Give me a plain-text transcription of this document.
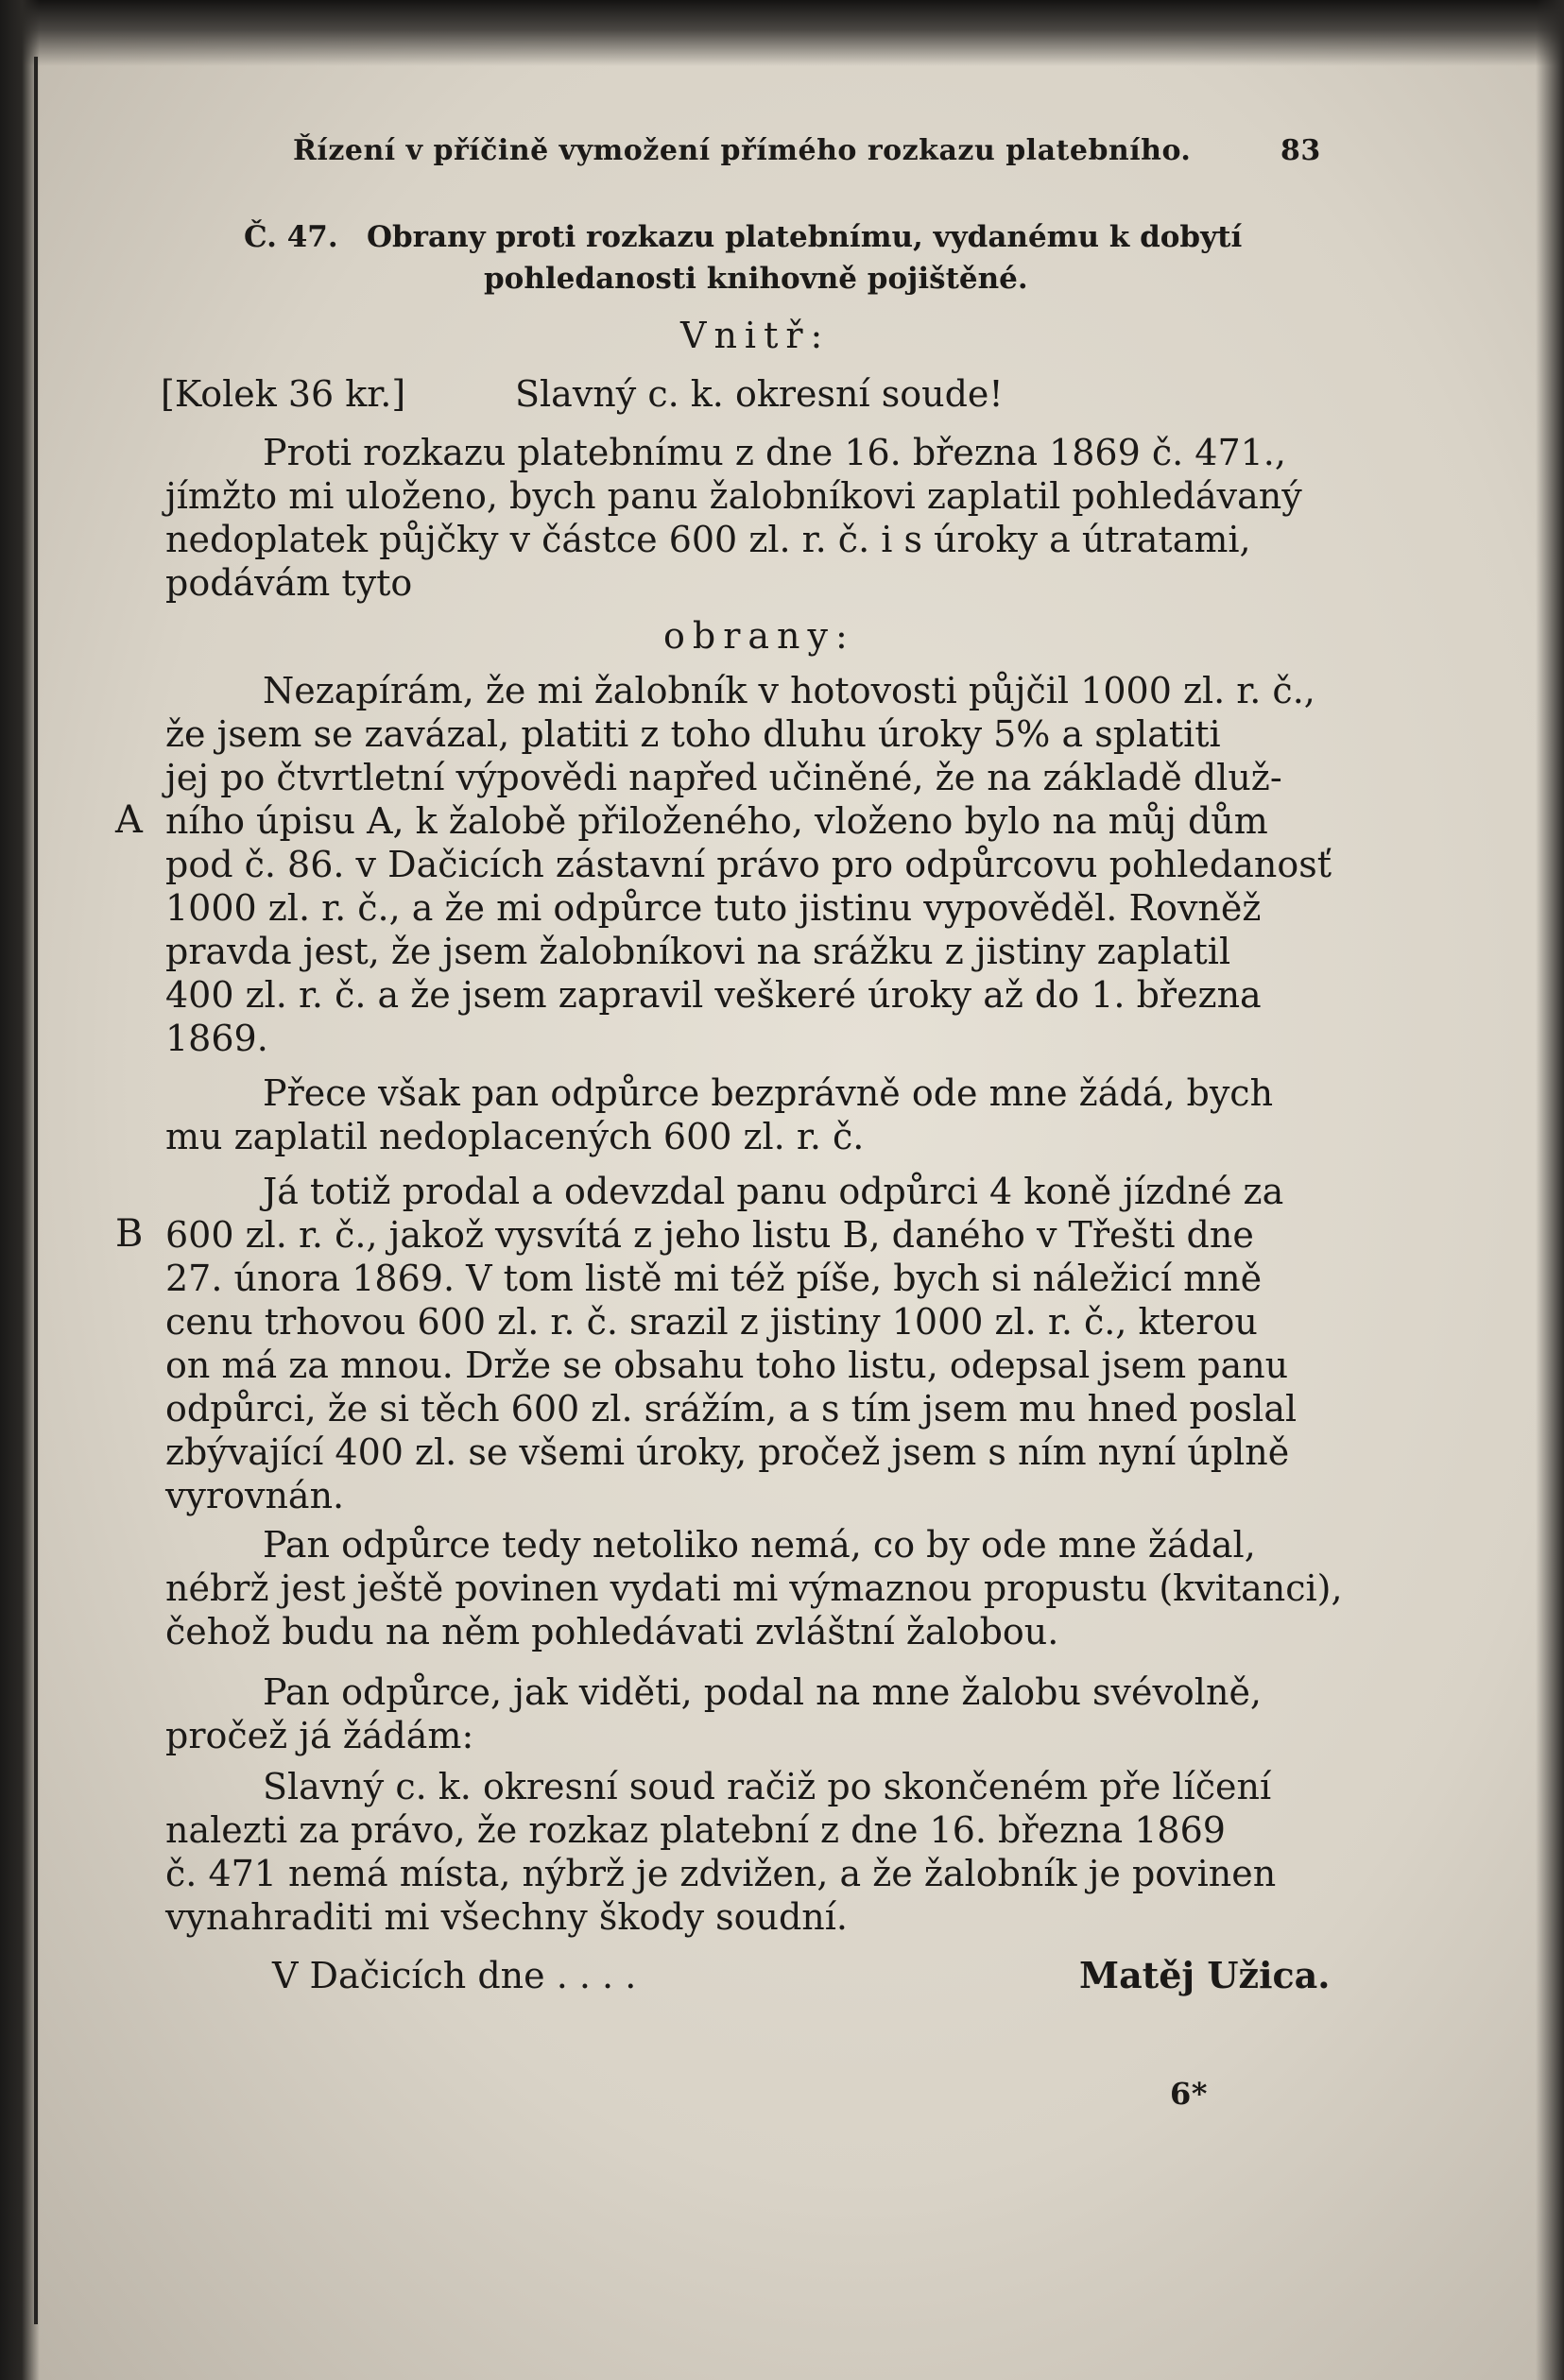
Řízení v příčině vymožení přímého rozkazu platebního.	83
Č. 47. Obrany proti rozkazu platebnímu, vydanému k dobytí
pohledanosti knihovně pojištěné.
Vnitř:
[Kolek 36 kr.]	Slavný c. k. okresní soude!
Proti rozkazu platebnímu z dne 16. března 1869 č. 471.,
jímžto mi uloženo, bych panu žalobníkovi zaplatil pohledávaný
nedoplatek půjčky v částce 600 zl. r. č. i s úroky a útratami,
podávám tyto
obrany:
Nezapírám, že mi žalobník v hotovosti půjčil 1000 zl. r. č.,
že jsem se zavázal, platiti z toho dluhu úroky 5% a splatiti
jej po čtvrtletní výpovědi napřed učiněné, že na základě dluž-
A ního úpisu A, k žalobě přiloženého, vloženo bylo na můj dům
pod č. 86. v Dačicích zástavní právo pro odpůrcovu pohledanosť
1000 zl. r. č., a že mi odpůrce tuto jistinu vypověděl. Rovněž
pravda jest, že jsem žalobníkovi na srážku z jistiny zaplatil
400 zl. r. č. a že jsem zapravil veškeré úroky až do 1. března
1869.
Přece však pan odpůrce bezprávně ode mne žádá, bych
mu zaplatil nedoplacených 600 zl. r. č.
Já totiž prodal a odevzdal panu odpůrci 4 koně jízdné za
B 600 zl. r. č., jakož vysvítá z jeho listu B, daného v Třešti dne
27. února 1869. V tom listě mi též píše, bych si náležicí mně
cenu trhovou 600 zl. r. č. srazil z jistiny 1000 zl. r. č., kterou
on má za mnou. Drže se obsahu toho listu, odepsal jsem panu
odpůrci, že si těch 600 zl. srážím, a s tím jsem mu hned poslal
zbývající 400 zl. se všemi úroky, pročež jsem s ním nyní úplně
vyrovnán.
Pan odpůrce tedy netoliko nemá, co by ode mne žádal,
nébrž jest ještě povinen vydati mi výmaznou propustu (kvitanci),
čehož budu na něm pohledávati zvláštní žalobou.
Pan odpůrce, jak viděti, podal na mne žalobu svévolně,
pročež já žádám:
Slavný c. k. okresní soud račiž po skončeném pře líčení
nalezti za právo, že rozkaz platební z dne 16. března 1869
č. 471 nemá místa, nýbrž je zdvižen, a že žalobník je povinen
vynahraditi mi všechny škody soudní.
V Dačicích dne . . . .	Matěj Užica.
6*
